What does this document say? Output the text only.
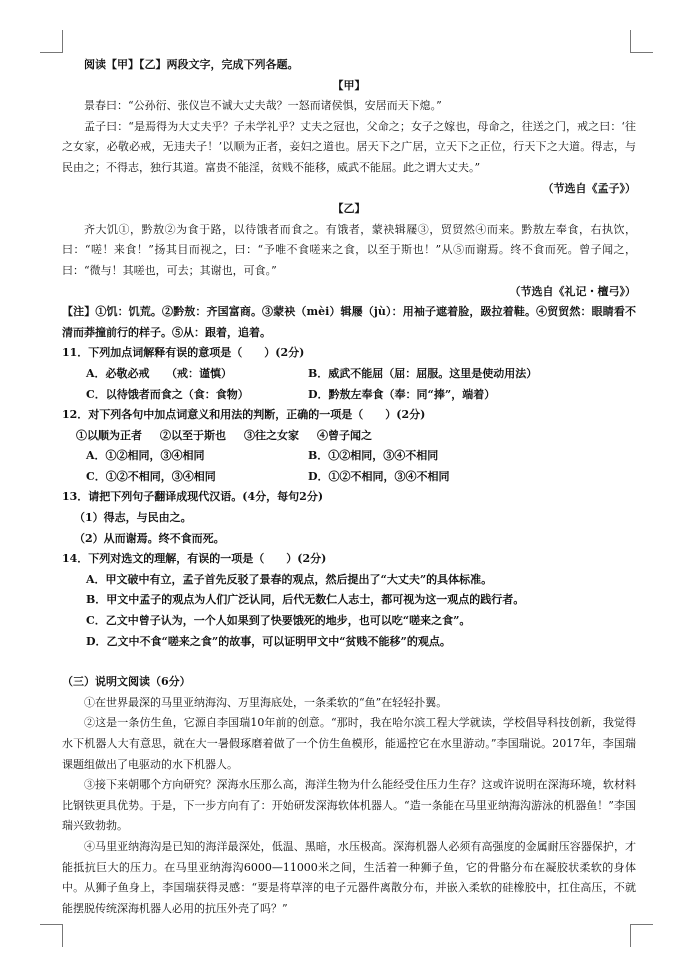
阅读【甲】【乙】两段文字，完成下列各题。

【甲】

景春曰：“公孙衍、张仪岂不诚大丈夫哉？一怒而诸侯惧，安居而天下熄。”

孟子曰：“是焉得为大丈夫乎？子未学礼乎？丈夫之冠也，父命之；女子之嫁也，母命之，往送之门，戒之曰：‘往之女家，必敬必戒，无违夫子！’以顺为正者，妾妇之道也。居天下之广居，立天下之正位，行天下之大道。得志，与民由之；不得志，独行其道。富贵不能淫，贫贱不能移，威武不能屈。此之谓大丈夫。”

（节选自《孟子》）

【乙】

齐大饥①，黔敖②为食于路，以待饿者而食之。有饿者，蒙袂辑屦③，贸贸然④而来。黔敖左奉食，右执饮，曰：“嗟！来食！”扬其目而视之，曰：“予唯不食嗟来之食，以至于斯也！”从⑤而谢焉。终不食而死。曾子闻之，曰：“微与！其嗟也，可去；其谢也，可食。”

（节选自《礼记・檀弓》）

【注】①饥：饥荒。②黔敖：齐国富商。③蒙袂（mèi）辑屦（jù）：用袖子遮着脸，趿拉着鞋。④贸贸然：眼睛看不清而莽撞前行的样子。⑤从：跟着，追着。

11．下列加点词解释有误的意项是（　　）(2分)

A．必敬必戒　　（戒：谨慎）	B．威武不能屈（屈：屈服。这里是使动用法）
C．以待饿者而食之（食：食物）	D．黔敖左奉食（奉：同“捧”，端着）

12．对下列各句中加点词意义和用法的判断，正确的一项是（　　）(2分)

①以顺为正者 ②以至于斯也 ③往之女家 ④曾子闻之
A．①②相同，③④相同	B．①②相同，③④不相同
C．①②不相同，③④相同	D．①②不相同，③④不相同

13．请把下列句子翻译成现代汉语。(4分，每句2分)

（1）得志，与民由之。
（2）从而谢焉。终不食而死。

14．下列对选文的理解，有误的一项是（　　）(2分)

A．甲文破中有立，孟子首先反驳了景春的观点，然后提出了“大丈夫”的具体标准。
B．甲文中孟子的观点为人们广泛认同，后代无数仁人志士，都可视为这一观点的践行者。
C．乙文中曾子认为，一个人如果到了快要饿死的地步，也可以吃“嗟来之食”。
D．乙文中不食“嗟来之食”的故事，可以证明甲文中“贫贱不能移”的观点。

（三）说明文阅读（6分）

①在世界最深的马里亚纳海沟、万里海底处，一条柔软的“鱼”在轻轻扑翼。

②这是一条仿生鱼，它源自李国瑞10年前的创意。“那时，我在哈尔滨工程大学就读，学校倡导科技创新，我觉得水下机器人大有意思，就在大一暑假琢磨着做了一个仿生鱼模形，能遥控它在水里游动。”李国瑞说。2017年，李国瑞课题组做出了电驱动的水下机器人。

③接下来朝哪个方向研究？深海水压那么高，海洋生物为什么能经受住压力生存？这或许说明在深海环境，软材料比钢铁更具优势。于是，下一步方向有了：开始研发深海软体机器人。“造一条能在马里亚纳海沟游泳的机器鱼！”李国瑞兴致勃勃。

④马里亚纳海沟是已知的海洋最深处，低温、黑暗，水压极高。深海机器人必须有高强度的金属耐压容器保护，才能抵抗巨大的压力。在马里亚纳海沟6000—11000米之间，生活着一种狮子鱼，它的骨骼分布在凝胶状柔软的身体中。从狮子鱼身上，李国瑞获得灵感：“要是将草滓的电子元器件离散分布，并嵌入柔软的硅橡胶中，扛住高压，不就能摆脱传统深海机器人必用的抗压外壳了吗？”
